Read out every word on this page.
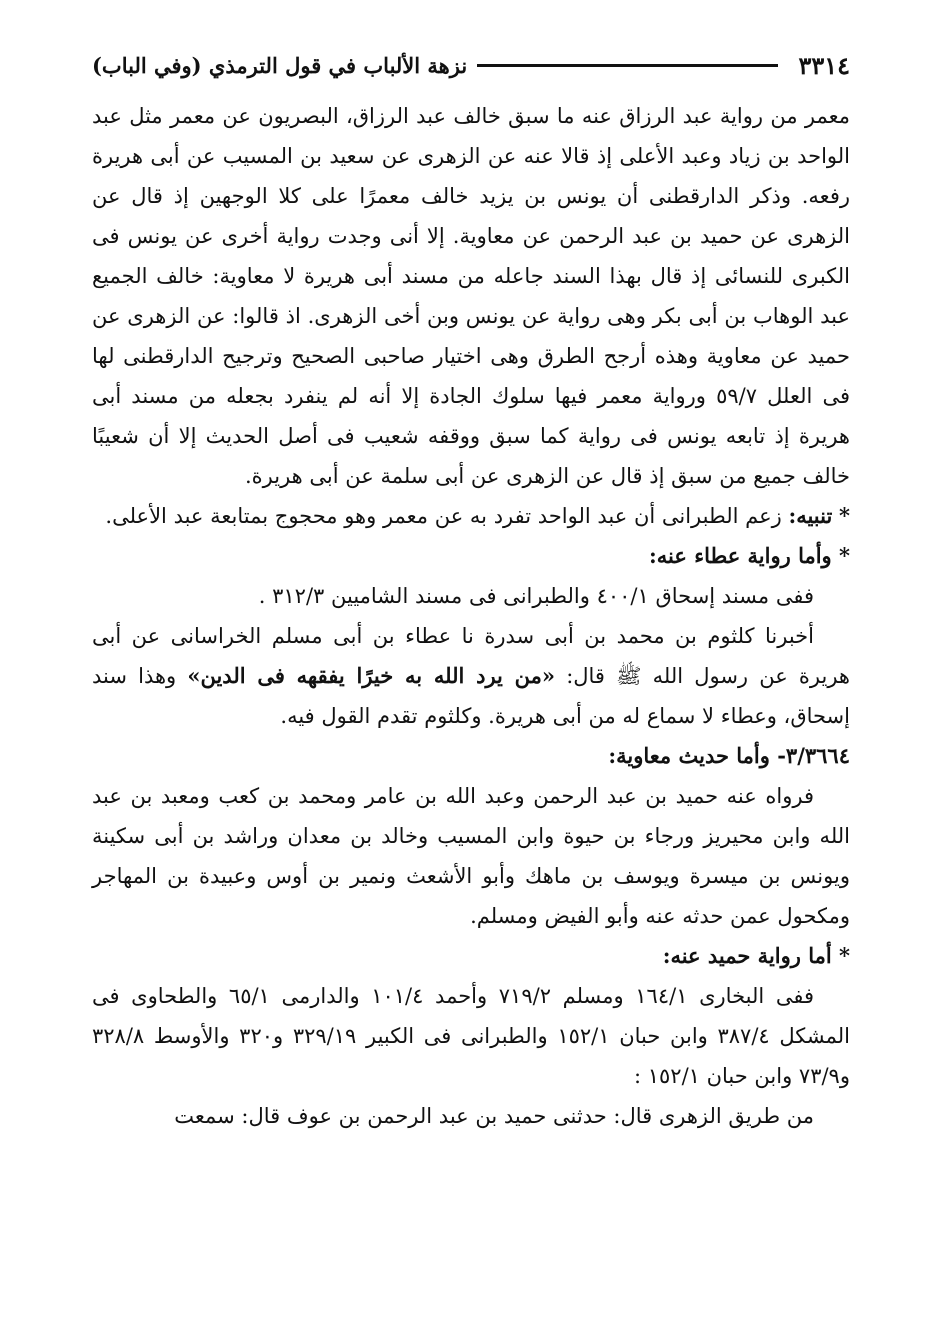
٣٣١٤
نزهة الألباب في قول الترمذي (وفي الباب)

معمر من رواية عبد الرزاق عنه ما سبق خالف عبد الرزاق، البصريون عن معمر مثل عبد الواحد بن زياد وعبد الأعلى إذ قالا عنه عن الزهرى عن سعيد بن المسيب عن أبى هريرة رفعه. وذكر الدارقطنى أن يونس بن يزيد خالف معمرًا على كلا الوجهين إذ قال عن الزهرى عن حميد بن عبد الرحمن عن معاوية. إلا أنى وجدت رواية أخرى عن يونس فى الكبرى للنسائى إذ قال بهذا السند جاعله من مسند أبى هريرة لا معاوية: خالف الجميع عبد الوهاب بن أبى بكر وهى رواية عن يونس وبن أخى الزهرى. اذ قالوا: عن الزهرى عن حميد عن معاوية وهذه أرجح الطرق وهى اختيار صاحبى الصحيح وترجيح الدارقطنى لها فى العلل ٥٩/٧ ورواية معمر فيها سلوك الجادة إلا أنه لم ينفرد بجعله من مسند أبى هريرة إذ تابعه يونس فى رواية كما سبق ووقفه شعيب فى أصل الحديث إلا أن شعيبًا خالف جميع من سبق إذ قال عن الزهرى عن أبى سلمة عن أبى هريرة.

* تنبيه: زعم الطبرانى أن عبد الواحد تفرد به عن معمر وهو محجوج بمتابعة عبد الأعلى.

* وأما رواية عطاء عنه:

ففى مسند إسحاق ٤٠٠/١ والطبرانى فى مسند الشاميين ٣١٢/٣ .

أخبرنا كلثوم بن محمد بن أبى سدرة نا عطاء بن أبى مسلم الخراسانى عن أبى هريرة عن رسول الله ﷺ قال: «من يرد الله به خيرًا يفقهه فى الدين» وهذا سند إسحاق، وعطاء لا سماع له من أبى هريرة. وكلثوم تقدم القول فيه.

٣/٣٦٦٤- وأما حديث معاوية:

فرواه عنه حميد بن عبد الرحمن وعبد الله بن عامر ومحمد بن كعب ومعبد بن عبد الله وابن محيريز ورجاء بن حيوة وابن المسيب وخالد بن معدان وراشد بن أبى سكينة ويونس بن ميسرة ويوسف بن ماهك وأبو الأشعث ونمير بن أوس وعبيدة بن المهاجر ومكحول عمن حدثه عنه وأبو الفيض ومسلم.

* أما رواية حميد عنه:

ففى البخارى ١٦٤/١ ومسلم ٧١٩/٢ وأحمد ١٠١/٤ والدارمى ٦٥/١ والطحاوى فى المشكل ٣٨٧/٤ وابن حبان ١٥٢/١ والطبرانى فى الكبير ٣٢٩/١٩ و٣٢٠ والأوسط ٣٢٨/٨ و٧٣/٩ وابن حبان ١٥٢/١ :

من طريق الزهرى قال: حدثنى حميد بن عبد الرحمن بن عوف قال: سمعت
